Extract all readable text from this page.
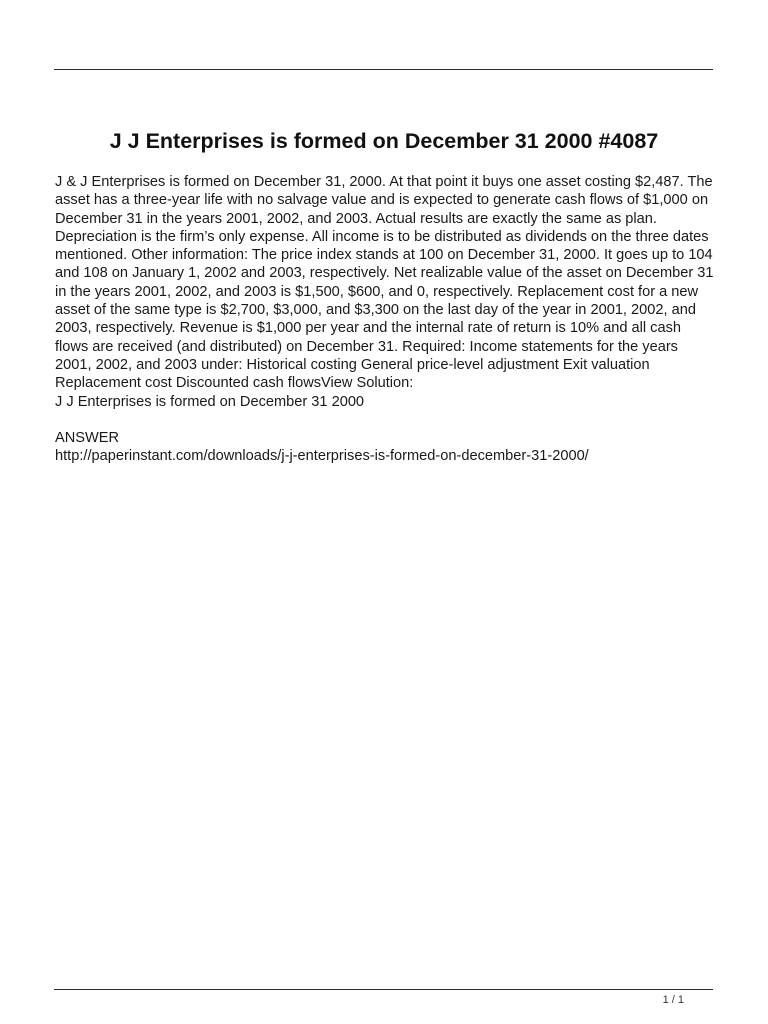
J J Enterprises is formed on December 31 2000 #4087

J & J Enterprises is formed on December 31, 2000. At that point it buys one asset costing $2,487. The asset has a three-year life with no salvage value and is expected to generate cash flows of $1,000 on December 31 in the years 2001, 2002, and 2003. Actual results are exactly the same as plan. Depreciation is the firm’s only expense. All income is to be distributed as dividends on the three dates mentioned. Other information: The price index stands at 100 on December 31, 2000. It goes up to 104 and 108 on January 1, 2002 and 2003, respectively. Net realizable value of the asset on December 31 in the years 2001, 2002, and 2003 is $1,500, $600, and 0, respectively. Replacement cost for a new asset of the same type is $2,700, $3,000, and $3,300 on the last day of the year in 2001, 2002, and 2003, respectively. Revenue is $1,000 per year and the internal rate of return is 10% and all cash flows are received (and distributed) on December 31. Required: Income statements for the years 2001, 2002, and 2003 under: Historical costing General price-level adjustment Exit valuation Replacement cost Discounted cash flowsView Solution:

J J Enterprises is formed on December 31 2000

ANSWER

http://paperinstant.com/downloads/j-j-enterprises-is-formed-on-december-31-2000/

1 / 1
